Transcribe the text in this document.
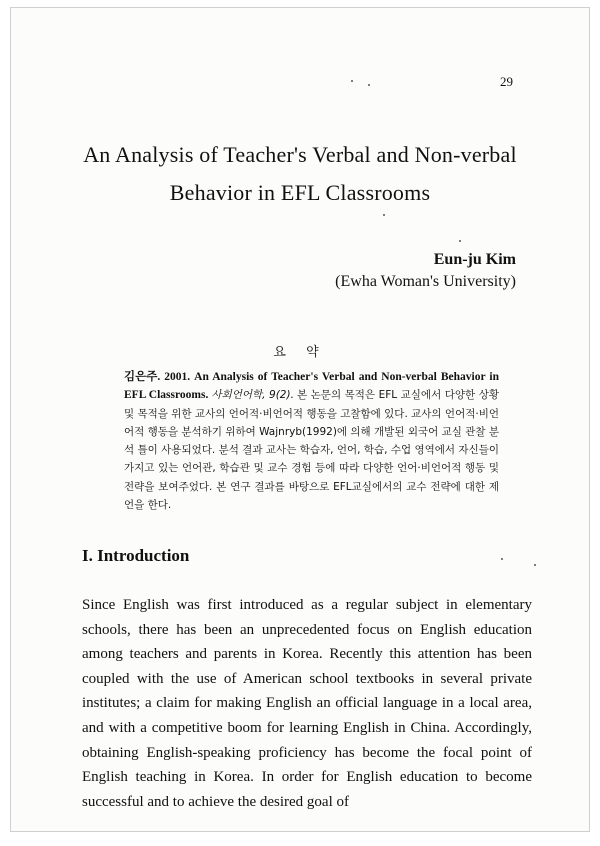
29
An Analysis of Teacher's Verbal and Non-verbal
Behavior in EFL Classrooms
Eun-ju Kim
(Ewha Woman's University)
요 약
김은주. 2001. An Analysis of Teacher's Verbal and Non-verbal Behavior in EFL Classrooms. 사회언어학, 9(2). 본 논문의 목적은 EFL 교실에서 다양한 상황 및 목적을 위한 교사의 언어적·비언어적 행동을 고찰함에 있다. 교사의 언어적·비언어적 행동을 분석하기 위하여 Wajnryb(1992)에 의해 개발된 외국어 교실 관찰 분석 틀이 사용되었다. 분석 결과 교사는 학습자, 언어, 학습, 수업 영역에서 자신들이 가지고 있는 언어관, 학습관 및 교수 경험 등에 따라 다양한 언어·비언어적 행동 및 전략을 보여주었다. 본 연구 결과를 바탕으로 EFL교실에서의 교수 전략에 대한 제언을 한다.
I. Introduction

Since English was first introduced as a regular subject in elementary schools, there has been an unprecedented focus on English education among teachers and parents in Korea. Recently this attention has been coupled with the use of American school textbooks in several private institutes; a claim for making English an official language in a local area, and with a competitive boom for learning English in China. Accordingly, obtaining English-speaking proficiency has become the focal point of English teaching in Korea. In order for English education to become successful and to achieve the desired goal of
